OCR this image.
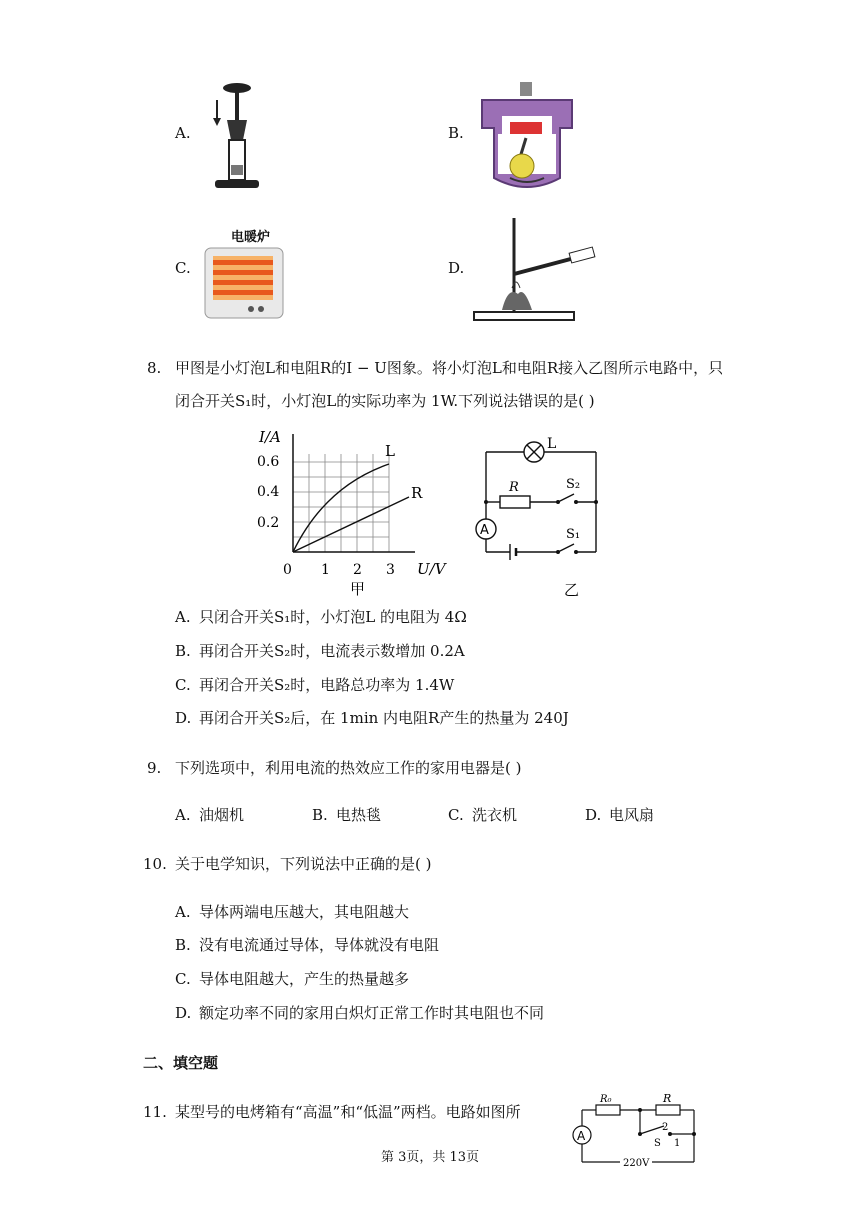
A.	B.
C.
电暖炉
D.
8. 甲图是小灯泡L和电阻R的I − U图象。将小灯泡L和电阻R接入乙图所示电路中，只
闭合开关S₁时，小灯泡L的实际功率为 1W.下列说法错误的是( )
I/A
0.6
0.4
0.2
0 1 2 3 U/V
L
R
甲
A
L
R	S₂
S₁
乙
A. 只闭合开关S₁时，小灯泡L 的电阻为 4Ω
B. 再闭合开关S₂时，电流表示数增加 0.2A
C. 再闭合开关S₂时，电路总功率为 1.4W
D. 再闭合开关S₂后，在 1min 内电阻R产生的热量为 240J
9. 下列选项中，利用电流的热效应工作的家用电器是( )
A. 油烟机	B. 电热毯	C. 洗衣机	D. 电风扇
10. 关于电学知识，下列说法中正确的是( )
A. 导体两端电压越大，其电阻越大
B. 没有电流通过导体，导体就没有电阻
C. 导体电阻越大，产生的热量越多
D. 额定功率不同的家用白炽灯正常工作时其电阻也不同
二、填空题
11. 某型号的电烤箱有“高温”和“低温”两档。电路如图所
A
R₀	R
S 1
2
220V
第 3页，共 13页
